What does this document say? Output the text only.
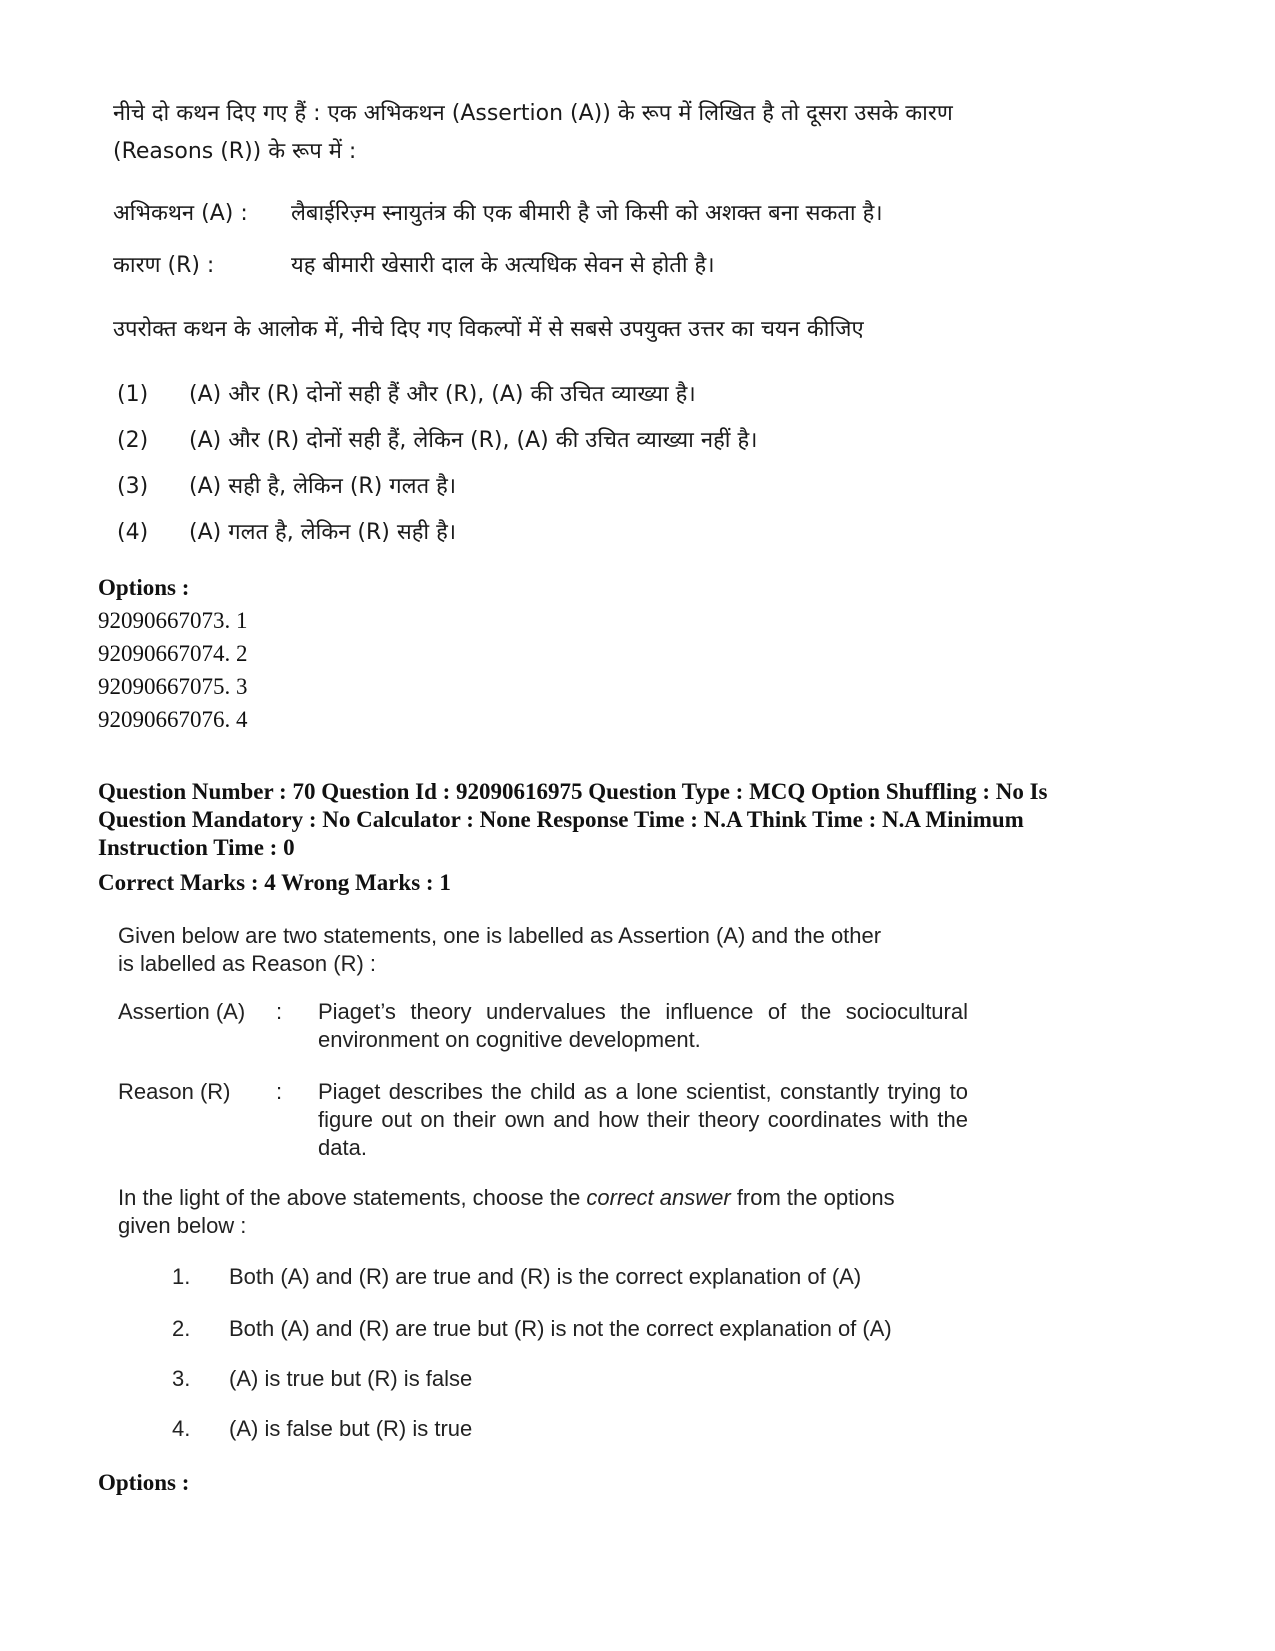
नीचे दो कथन दिए गए हैं : एक अभिकथन (Assertion (A)) के रूप में लिखित है तो दूसरा उसके कारण
(Reasons (R)) के रूप में :
अभिकथन (A) : लैबाईरिज़्म स्नायुतंत्र की एक बीमारी है जो किसी को अशक्त बना सकता है।
कारण (R) :	यह बीमारी खेसारी दाल के अत्यधिक सेवन से होती है।
उपरोक्त कथन के आलोक में, नीचे दिए गए विकल्पों में से सबसे उपयुक्त उत्तर का चयन कीजिए
(1) (A) और (R) दोनों सही हैं और (R), (A) की उचित व्याख्या है।
(2) (A) और (R) दोनों सही हैं, लेकिन (R), (A) की उचित व्याख्या नहीं है।
(3) (A) सही है, लेकिन (R) गलत है।
(4) (A) गलत है, लेकिन (R) सही है।
Options :
92090667073. 1
92090667074. 2
92090667075. 3
92090667076. 4
Question Number : 70 Question Id : 92090616975 Question Type : MCQ Option Shuffling : No Is
Question Mandatory : No Calculator : None Response Time : N.A Think Time : N.A Minimum
Instruction Time : 0
Correct Marks : 4 Wrong Marks : 1
Given below are two statements, one is labelled as Assertion (A) and the other
is labelled as Reason (R) :
Assertion (A) : Piaget’s theory undervalues the influence of the sociocultural environment on cognitive development.
Reason (R) : Piaget describes the child as a lone scientist, constantly trying to figure out on their own and how their theory coordinates with the data.
In the light of the above statements, choose the correct answer from the options
given below :
1. Both (A) and (R) are true and (R) is the correct explanation of (A)
2. Both (A) and (R) are true but (R) is not the correct explanation of (A)
3. (A) is true but (R) is false
4. (A) is false but (R) is true
Options :
